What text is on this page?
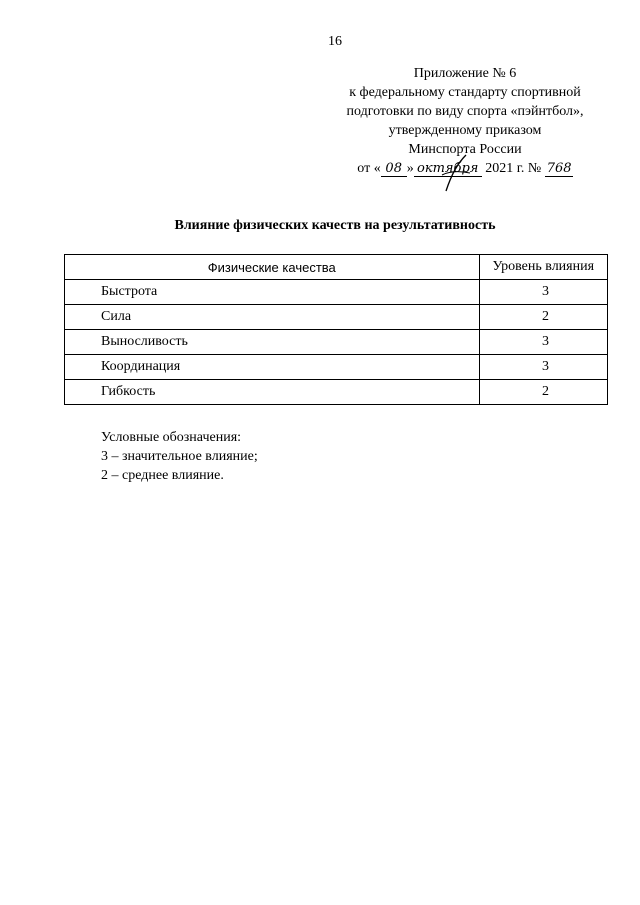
16
Приложение № 6
к федеральному стандарту спортивной
подготовки по виду спорта «пэйнтбол»,
утвержденному приказом
Минспорта России
от « 08 » октября 2021 г. № 768
Влияние физических качеств на результативность
Физические качества	Уровень влияния
Быстрота	3
Сила	2
Выносливость	3
Координация	3
Гибкость	2
Условные обозначения:
3 – значительное влияние;
2 – среднее влияние.
